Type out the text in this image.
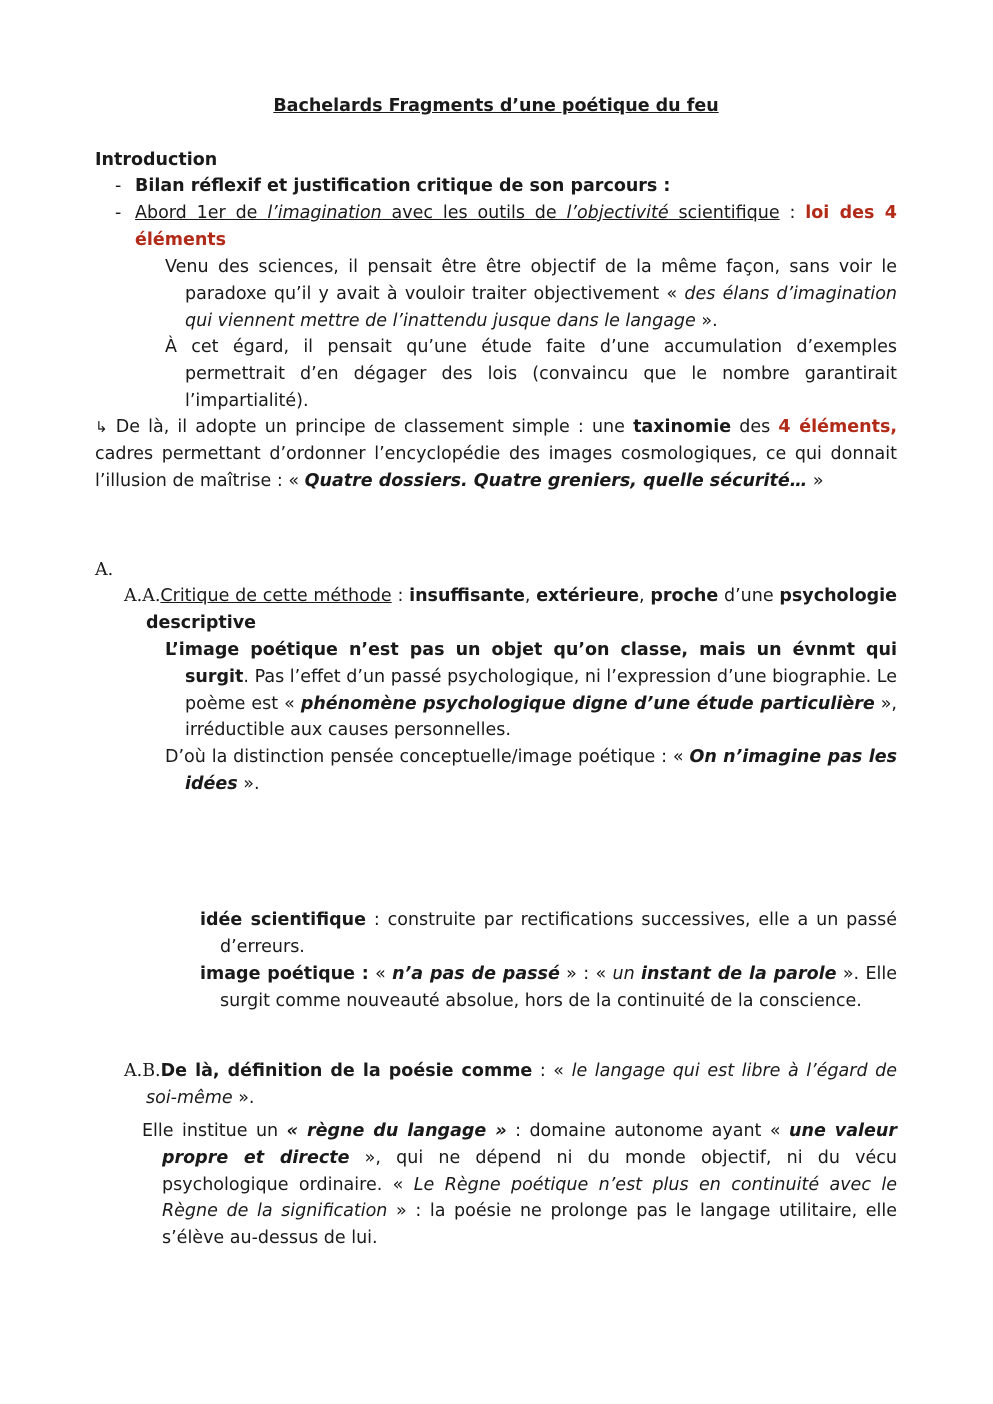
Bachelards Fragments d’une poétique du feu

Introduction

- Bilan réflexif et justification critique de son parcours :

- Abord 1er de l’imagination avec les outils de l’objectivité scientifique : loi des 4 éléments

Venu des sciences, il pensait être être objectif de la même façon, sans voir le paradoxe qu’il y avait à vouloir traiter objectivement « des élans d’imagination qui viennent mettre de l’inattendu jusque dans le langage ».

À cet égard, il pensait qu’une étude faite d’une accumulation d’exemples permettrait d’en dégager des lois (convaincu que le nombre garantirait l’impartialité).

↳ De là, il adopte un principe de classement simple : une taxinomie des 4 éléments, cadres permettant d’ordonner l’encyclopédie des images cosmologiques, ce qui donnait l’illusion de maîtrise : « Quatre dossiers. Quatre greniers, quelle sécurité… »

A.

A.A.Critique de cette méthode : insuffisante, extérieure, proche d’une psychologie descriptive

L’image poétique n’est pas un objet qu’on classe, mais un évnmt qui surgit. Pas l’effet d’un passé psychologique, ni l’expression d’une biographie. Le poème est « phénomène psychologique digne d’une étude particulière », irréductible aux causes personnelles.

D’où la distinction pensée conceptuelle/image poétique : « On n’imagine pas les idées ».

idée scientifique : construite par rectifications successives, elle a un passé d’erreurs.

image poétique : « n’a pas de passé » : « un instant de la parole ». Elle surgit comme nouveauté absolue, hors de la continuité de la conscience.

A.B.De là, définition de la poésie comme : « le langage qui est libre à l’égard de soi-même ».

Elle institue un « règne du langage » : domaine autonome ayant « une valeur propre et directe », qui ne dépend ni du monde objectif, ni du vécu psychologique ordinaire. « Le Règne poétique n’est plus en continuité avec le Règne de la signification » : la poésie ne prolonge pas le langage utilitaire, elle s’élève au-dessus de lui.
